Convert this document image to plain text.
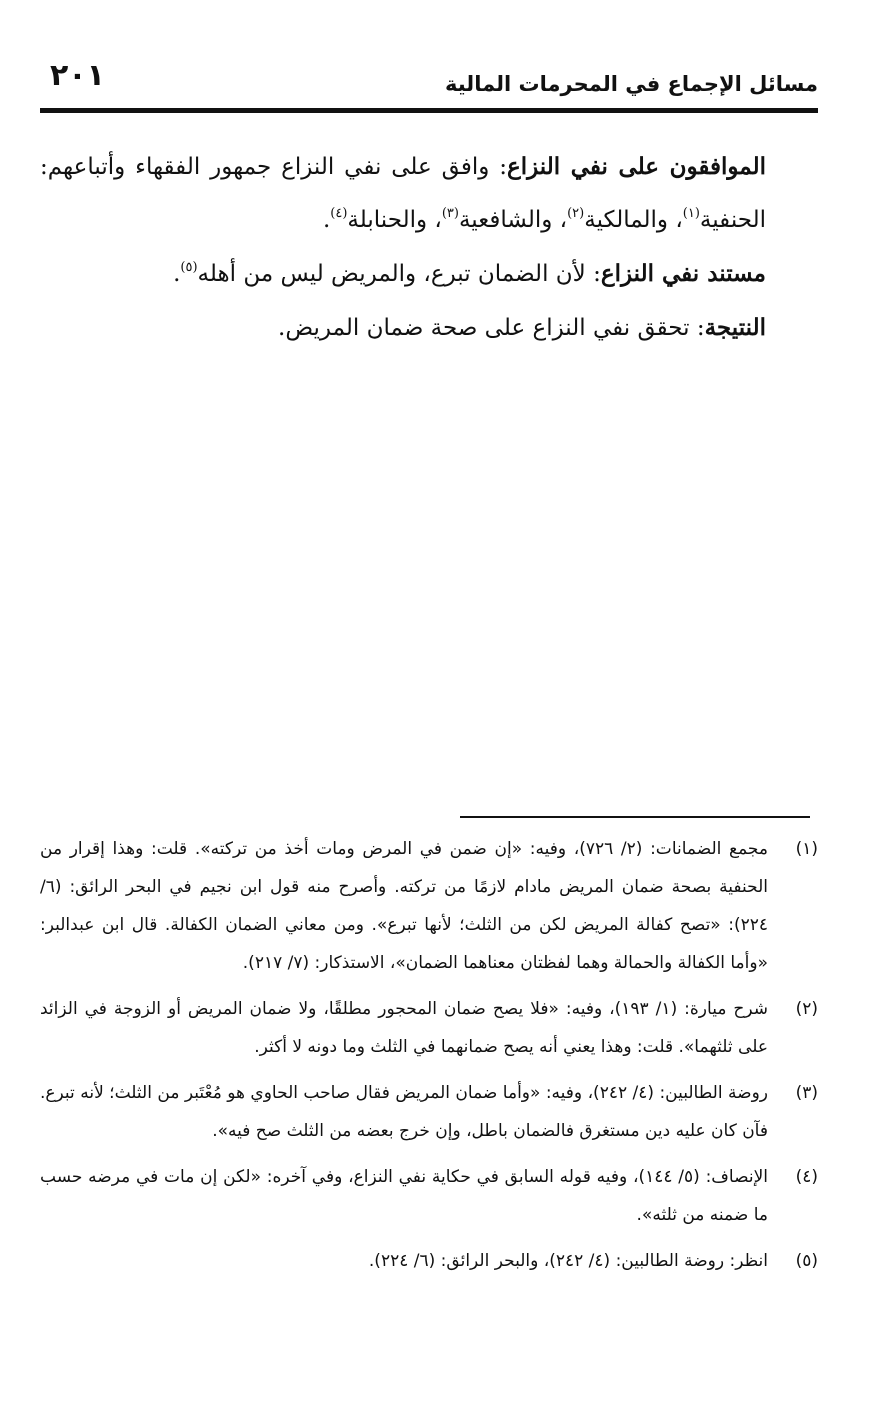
٢٠١	مسائل الإجماع في المحرمات المالية

الموافقون على نفي النزاع: وافق على نفي النزاع جمهور الفقهاء وأتباعهم: الحنفية$^{(١)}$، والمالكية$^{(٢)}$، والشافعية$^{(٣)}$، والحنابلة$^{(٤)}$.

مستند نفي النزاع: لأن الضمان تبرع، والمريض ليس من أهله$^{(٥)}$.

النتيجة: تحقق نفي النزاع على صحة ضمان المريض.

(١)
مجمع الضمانات: (٢/ ٧٢٦)، وفيه: «إن ضمن في المرض ومات أخذ من تركته». قلت: وهذا إقرار من الحنفية بصحة ضمان المريض مادام لازمًا من تركته. وأصرح منه قول ابن نجيم في البحر الرائق: (٦/ ٢٢٤): «تصح كفالة المريض لكن من الثلث؛ لأنها تبرع». ومن معاني الضمان الكفالة. قال ابن عبدالبر: «وأما الكفالة والحمالة وهما لفظتان معناهما الضمان»، الاستذكار: (٧/ ٢١٧).
(٢)
شرح ميارة: (١/ ١٩٣)، وفيه: «فلا يصح ضمان المحجور مطلقًا، ولا ضمان المريض أو الزوجة في الزائد على ثلثهما». قلت: وهذا يعني أنه يصح ضمانهما في الثلث وما دونه لا أكثر.
(٣)
روضة الطالبين: (٤/ ٢٤٢)، وفيه: «وأما ضمان المريض فقال صاحب الحاوي هو مُعْتَبر من الثلث؛ لأنه تبرع. فآن كان عليه دين مستغرق فالضمان باطل، وإن خرج بعضه من الثلث صح فيه».
(٤)
الإنصاف: (٥/ ١٤٤)، وفيه قوله السابق في حكاية نفي النزاع، وفي آخره: «لكن إن مات في مرضه حسب ما ضمنه من ثلثه».
(٥)
انظر: روضة الطالبين: (٤/ ٢٤٢)، والبحر الرائق: (٦/ ٢٢٤).
